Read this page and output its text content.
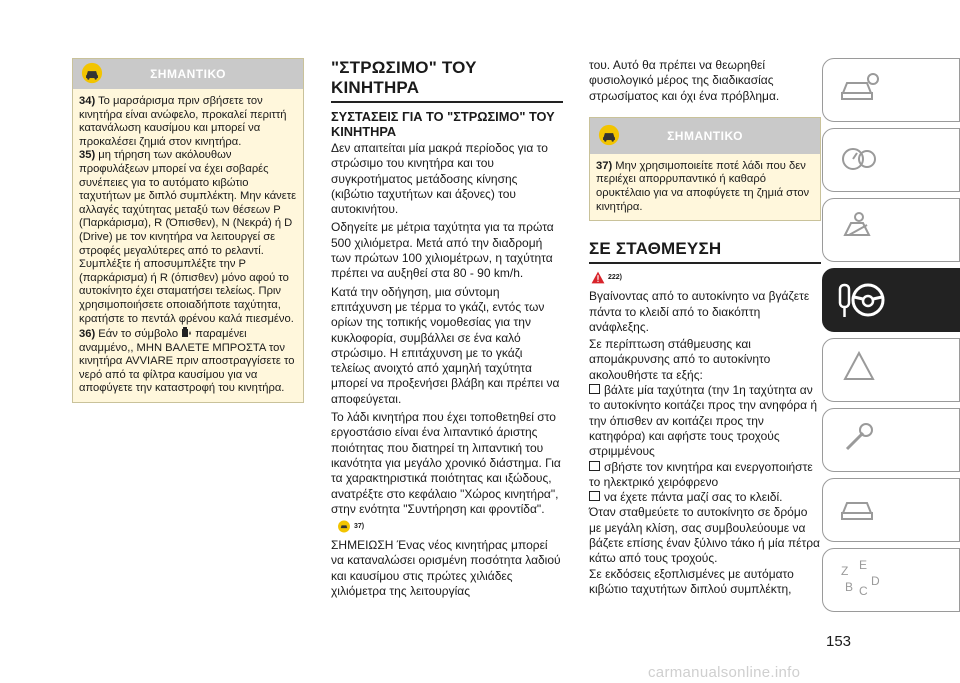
ΣΗΜΑΝΤΙΚΟ

34) Το μαρσάρισμα πριν σβήσετε τον κινητήρα είναι ανώφελο, προκαλεί περιττή κατανάλωση καυσίμου και μπορεί να προκαλέσει ζημιά στον κινητήρα.

35) μη τήρηση των ακόλουθων προφυλάξεων μπορεί να έχει σοβαρές συνέπειες για το αυτόματο κιβώτιο ταχυτήτων με διπλό συμπλέκτη. Μην κάνετε αλλαγές ταχύτητας μεταξύ των θέσεων P (Παρκάρισμα), R (Όπισθεν), N (Νεκρά) ή D (Drive) με τον κινητήρα να λειτουργεί σε στροφές μεγαλύτερες από το ρελαντί. Συμπλέξτε ή αποσυμπλέξτε την P (παρκάρισμα) ή R (όπισθεν) μόνο αφού το αυτοκίνητο έχει σταματήσει τελείως. Πριν χρησιμοποιήσετε οποιαδήποτε ταχύτητα, κρατήστε το πεντάλ φρένου καλά πιεσμένο.

36) Εάν το σύμβολο  παραμένει αναμμένο,, ΜΗΝ ΒΑΛΕΤΕ ΜΠΡΟΣΤΑ τον κινητήρα AVVIARE πριν αποστραγγίσετε το νερό από τα φίλτρα καυσίμου για να αποφύγετε την καταστροφή του κινητήρα.

"ΣΤΡΩΣΙΜΟ" ΤΟΥ ΚΙΝΗΤΗΡΑ
ΣΥΣΤΑΣΕΙΣ ΓΙΑ ΤΟ "ΣΤΡΩΣΙΜΟ" ΤΟΥ ΚΙΝΗΤΗΡΑ

Δεν απαιτείται μία μακρά περίοδος για το στρώσιμο του κινητήρα και του συγκροτήματος μετάδοσης κίνησης (κιβώτιο ταχυτήτων και άξονες) του αυτοκινήτου.

Οδηγείτε με μέτρια ταχύτητα για τα πρώτα 500 χιλιόμετρα. Μετά από την διαδρομή των πρώτων 100 χιλιομέτρων, η ταχύτητα πρέπει να αυξηθεί στα 80 - 90 km/h.

Κατά την οδήγηση, μια σύντομη επιτάχυνση με τέρμα το γκάζι, εντός των ορίων της τοπικής νομοθεσίας για την κυκλοφορία, συμβάλλει σε ένα καλό στρώσιμο. Η επιτάχυνση με το γκάζι τελείως ανοιχτό από χαμηλή ταχύτητα μπορεί να προξενήσει βλάβη και πρέπει να αποφεύγεται.

Το λάδι κινητήρα που έχει τοποθετηθεί στο εργοστάσιο είναι ένα λιπαντικό άριστης ποιότητας που διατηρεί τη λιπαντική του ικανότητα για μεγάλο χρονικό διάστημα. Για τα χαρακτηριστικά ποιότητας και ιξώδους, ανατρέξτε στο κεφάλαιο "Χώρος κινητήρα", στην ενότητα "Συντήρηση και φροντίδα".

37)

ΣΗΜΕΙΩΣΗ Ένας νέος κινητήρας μπορεί να καταναλώσει ορισμένη ποσότητα λαδιού και καυσίμου στις πρώτες χιλιάδες χιλιόμετρα της λειτουργίας

του. Αυτό θα πρέπει να θεωρηθεί φυσιολογικό μέρος της διαδικασίας στρωσίματος και όχι ένα πρόβλημα.

ΣΗΜΑΝΤΙΚΟ

37) Μην χρησιμοποιείτε ποτέ λάδι που δεν περιέχει απορρυπαντικό ή καθαρό ορυκτέλαιο για να αποφύγετε τη ζημιά στον κινητήρα.

ΣΕ ΣΤΑΘΜΕΥΣΗ
222)

Βγαίνοντας από το αυτοκίνητο να βγάζετε πάντα το κλειδί από το διακόπτη ανάφλεξης.

Σε περίπτωση στάθμευσης και απομάκρυνσης από το αυτοκίνητο ακολουθήστε τα εξής:

βάλτε μία ταχύτητα (την 1η ταχύτητα αν το αυτοκίνητο κοιτάζει προς την ανηφόρα ή την όπισθεν αν κοιτάζει προς την κατηφόρα) και αφήστε τους τροχούς στριμμένους

σβήστε τον κινητήρα και ενεργοποιήστε το ηλεκτρικό χειρόφρενο

να έχετε πάντα μαζί σας το κλειδί.

Όταν σταθμεύετε το αυτοκίνητο σε δρόμο με μεγάλη κλίση, σας συμβουλεύουμε να βάζετε επίσης έναν ξύλινο τάκο ή μία πέτρα κάτω από τους τροχούς.

Σε εκδόσεις εξοπλισμένες με αυτόματο κιβώτιο ταχυτήτων διπλού συμπλέκτη,

Z E
B C
D
153
carmanualsonline.info
